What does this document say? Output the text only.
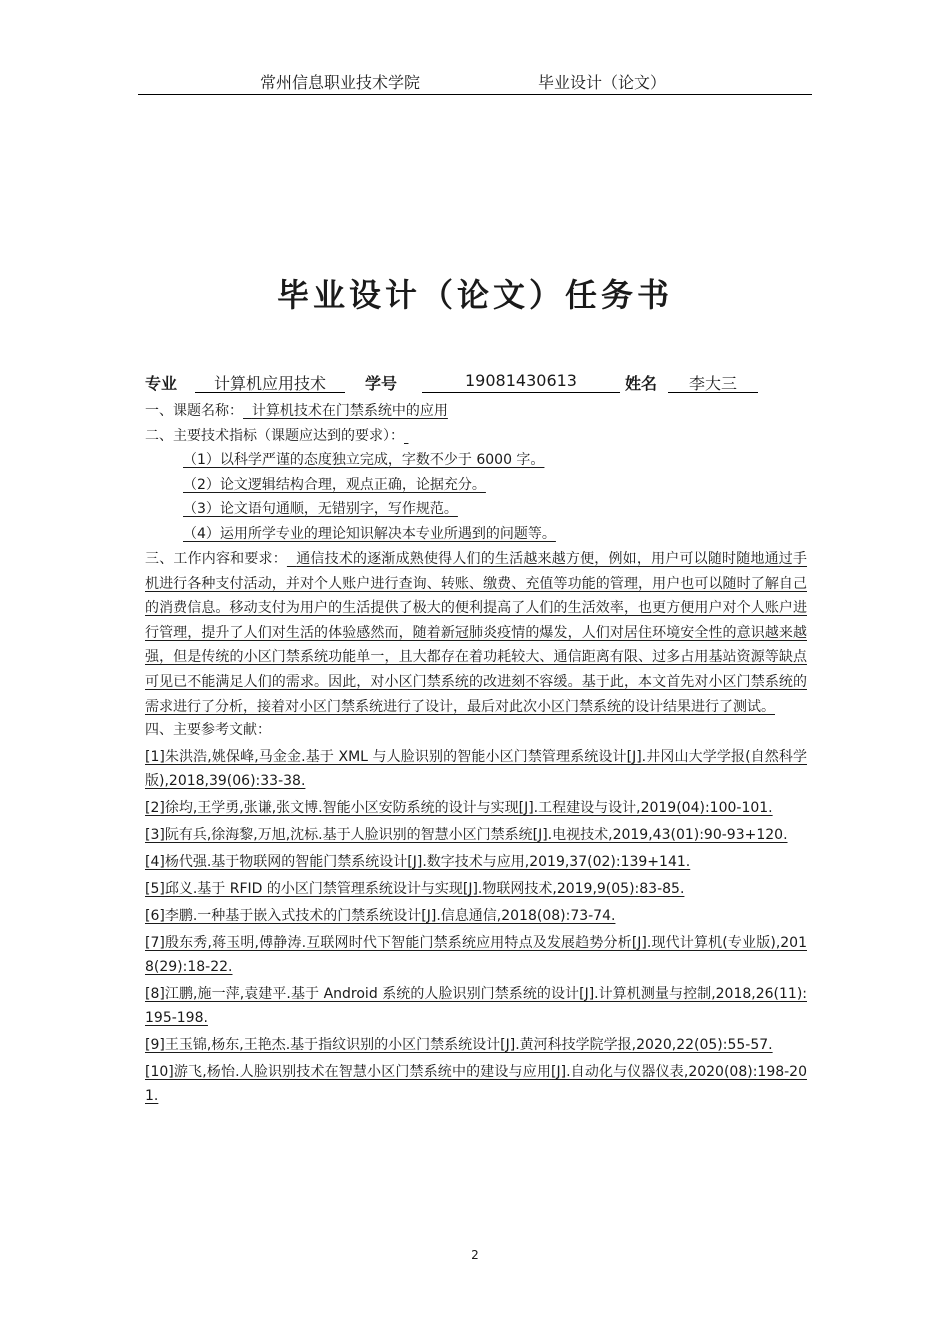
常州信息职业技术学院	毕业设计（论文）
毕业设计（论文）任务书
专业	计算机应用技术	学号	19081430613	姓名	李大三
一、课题名称： 计算机技术在门禁系统中的应用
二、主要技术指标（课题应达到的要求）：
（1）以科学严谨的态度独立完成，字数不少于 6000 字。
（2）论文逻辑结构合理，观点正确，论据充分。
（3）论文语句通顺，无错别字，写作规范。
（4）运用所学专业的理论知识解决本专业所遇到的问题等。
三、工作内容和要求： 通信技术的逐渐成熟使得人们的生活越来越方便，例如，用户可以随时随地通过手机进行各种支付活动，并对个人账户进行查询、转账、缴费、充值等功能的管理，用户也可以随时了解自己的消费信息。移动支付为用户的生活提供了极大的便利提高了人们的生活效率，也更方便用户对个人账户进行管理，提升了人们对生活的体验感然而，随着新冠肺炎疫情的爆发，人们对居住环境安全性的意识越来越强，但是传统的小区门禁系统功能单一，且大都存在着功耗较大、通信距离有限、过多占用基站资源等缺点可见已不能满足人们的需求。因此，对小区门禁系统的改进刻不容缓。基于此，本文首先对小区门禁系统的需求进行了分析，接着对小区门禁系统进行了设计，最后对此次小区门禁系统的设计结果进行了测试。
四、主要参考文献：
[1]朱洪浩,姚保峰,马金金.基于 XML 与人脸识别的智能小区门禁管理系统设计[J].井冈山大学学报(自然科学版),2018,39(06):33-38.
[2]徐均,王学勇,张谦,张文博.智能小区安防系统的设计与实现[J].工程建设与设计,2019(04):100-101.
[3]阮有兵,徐海黎,万旭,沈标.基于人脸识别的智慧小区门禁系统[J].电视技术,2019,43(01):90-93+120.
[4]杨代强.基于物联网的智能门禁系统设计[J].数字技术与应用,2019,37(02):139+141.
[5]邱义.基于 RFID 的小区门禁管理系统设计与实现[J].物联网技术,2019,9(05):83-85.
[6]李鹏.一种基于嵌入式技术的门禁系统设计[J].信息通信,2018(08):73-74.
[7]殷东秀,蒋玉明,傅静涛.互联网时代下智能门禁系统应用特点及发展趋势分析[J].现代计算机(专业版),2018(29):18-22.
[8]江鹏,施一萍,袁建平.基于 Android 系统的人脸识别门禁系统的设计[J].计算机测量与控制,2018,26(11):195-198.
[9]王玉锦,杨东,王艳杰.基于指纹识别的小区门禁系统设计[J].黄河科技学院学报,2020,22(05):55-57.
[10]游飞,杨怡.人脸识别技术在智慧小区门禁系统中的建设与应用[J].自动化与仪器仪表,2020(08):198-201.
2
